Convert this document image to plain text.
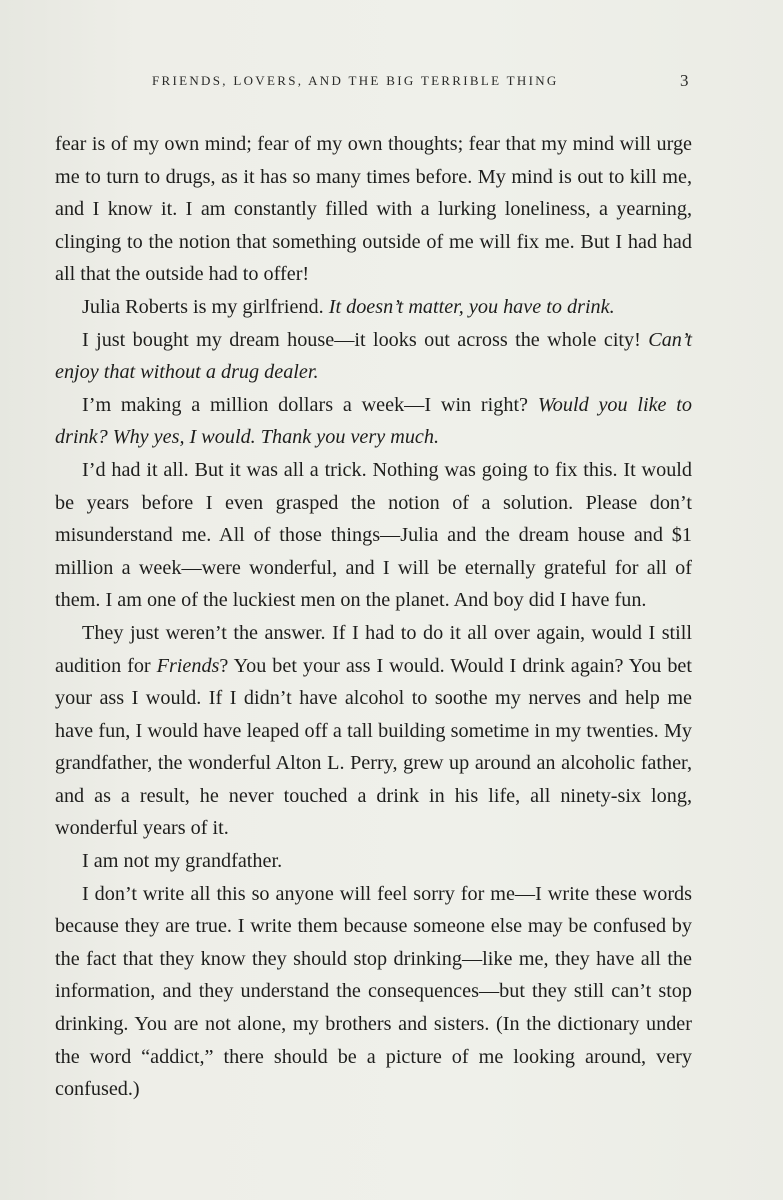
FRIENDS, LOVERS, AND THE BIG TERRIBLE THING	3

fear is of my own mind; fear of my own thoughts; fear that my mind will urge me to turn to drugs, as it has so many times before. My mind is out to kill me, and I know it. I am constantly filled with a lurking loneliness, a yearning, clinging to the notion that something outside of me will fix me. But I had had all that the outside had to offer!

Julia Roberts is my girlfriend. It doesn’t matter, you have to drink.

I just bought my dream house—it looks out across the whole city! Can’t enjoy that without a drug dealer.

I’m making a million dollars a week—I win right? Would you like to drink? Why yes, I would. Thank you very much.

I’d had it all. But it was all a trick. Nothing was going to fix this. It would be years before I even grasped the notion of a solution. Please don’t misunderstand me. All of those things—Julia and the dream house and $1 million a week—were wonderful, and I will be eternally grateful for all of them. I am one of the luckiest men on the planet. And boy did I have fun.

They just weren’t the answer. If I had to do it all over again, would I still audition for Friends? You bet your ass I would. Would I drink again? You bet your ass I would. If I didn’t have alcohol to soothe my nerves and help me have fun, I would have leaped off a tall building sometime in my twenties. My grandfather, the wonderful Alton L. Perry, grew up around an alcoholic father, and as a result, he never touched a drink in his life, all ninety-six long, wonderful years of it.

I am not my grandfather.

I don’t write all this so anyone will feel sorry for me—I write these words because they are true. I write them because someone else may be confused by the fact that they know they should stop drinking—like me, they have all the information, and they understand the consequences—but they still can’t stop drinking. You are not alone, my brothers and sisters. (In the dictionary under the word “addict,” there should be a picture of me looking around, very confused.)
